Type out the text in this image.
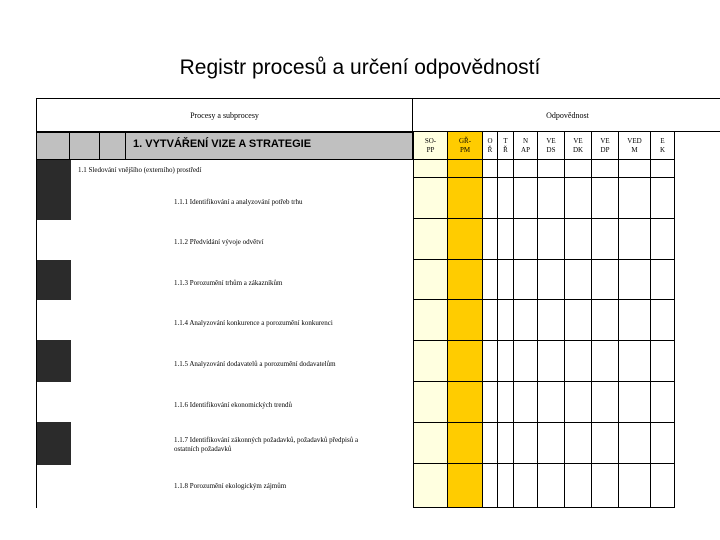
Registr procesů a určení odpovědností
Procesy a subprocesy	Odpovědnost
1. VYTVÁŘENÍ VIZE A STRATEGIE
1.1 Sledování vnějšího (externího) prostředí
1.1.1 Identifikování a analyzování potřeb trhu
1.1.2 Předvídání vývoje odvětví
1.1.3 Porozumění trhům a zákazníkům
1.1.4 Analyzování konkurence a porozumění konkurenci
1.1.5 Analyzování dodavatelů a porozumění dodavatelům
1.1.6 Identifikování ekonomických trendů
1.1.7 Identifikování zákonných požadavků, požadavků předpisů a ostatních požadavků
1.1.8 Porozumění ekologickým zájmům
SO-
PP
GŘ-
PM
O
Ř
T
Ř
N
AP
VE
DS
VE
DK
VE
DP
VED
M
E
K
